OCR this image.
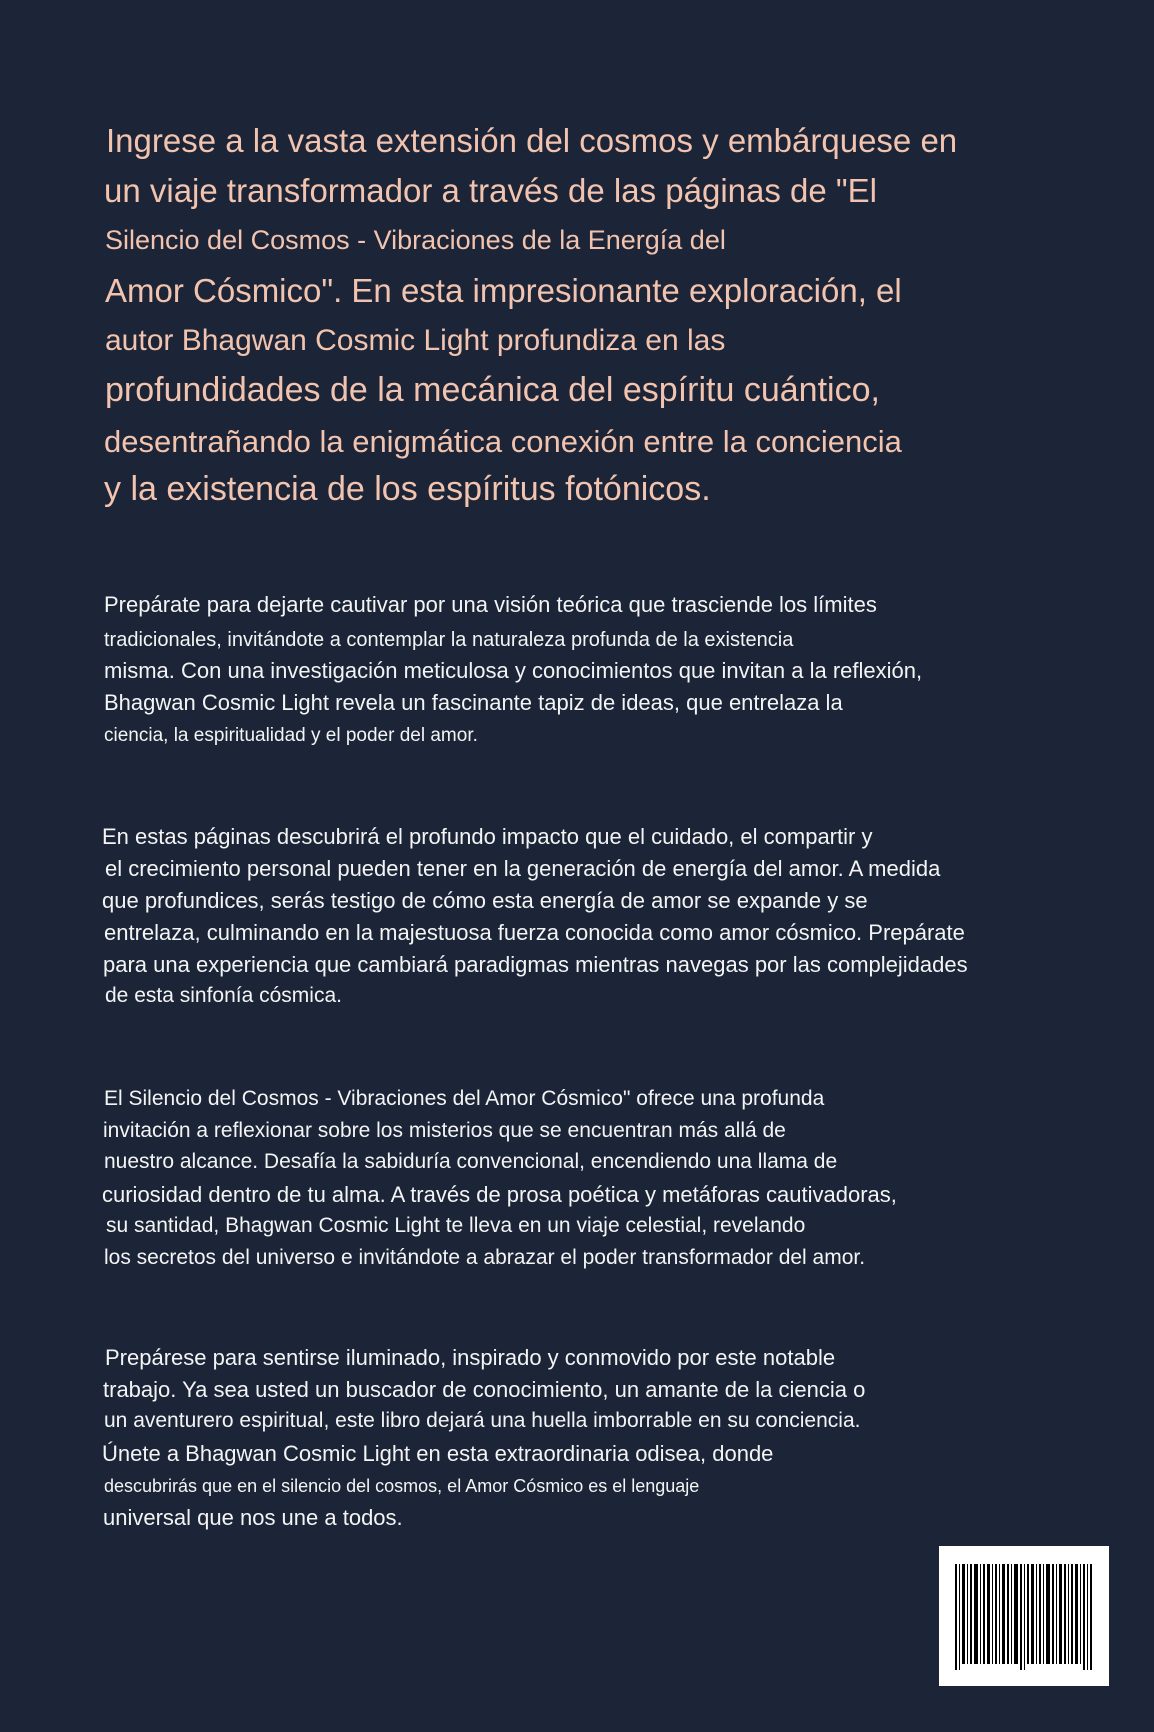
Ingrese a la vasta extensión del cosmos y embárquese en

un viaje transformador a través de las páginas de "El

Silencio del Cosmos - Vibraciones de la Energía del

Amor Cósmico". En esta impresionante exploración, el

autor Bhagwan Cosmic Light profundiza en las

profundidades de la mecánica del espíritu cuántico,

desentrañando la enigmática conexión entre la conciencia

y la existencia de los espíritus fotónicos.

Prepárate para dejarte cautivar por una visión teórica que trasciende los límites

tradicionales, invitándote a contemplar la naturaleza profunda de la existencia

misma. Con una investigación meticulosa y conocimientos que invitan a la reflexión,

Bhagwan Cosmic Light revela un fascinante tapiz de ideas, que entrelaza la

ciencia, la espiritualidad y el poder del amor.

En estas páginas descubrirá el profundo impacto que el cuidado, el compartir y

el crecimiento personal pueden tener en la generación de energía del amor. A medida

que profundices, serás testigo de cómo esta energía de amor se expande y se

entrelaza, culminando en la majestuosa fuerza conocida como amor cósmico. Prepárate

para una experiencia que cambiará paradigmas mientras navegas por las complejidades

de esta sinfonía cósmica.

El Silencio del Cosmos - Vibraciones del Amor Cósmico" ofrece una profunda

invitación a reflexionar sobre los misterios que se encuentran más allá de

nuestro alcance. Desafía la sabiduría convencional, encendiendo una llama de

curiosidad dentro de tu alma. A través de prosa poética y metáforas cautivadoras,

su santidad, Bhagwan Cosmic Light te lleva en un viaje celestial, revelando

los secretos del universo e invitándote a abrazar el poder transformador del amor.

Prepárese para sentirse iluminado, inspirado y conmovido por este notable

trabajo. Ya sea usted un buscador de conocimiento, un amante de la ciencia o

un aventurero espiritual, este libro dejará una huella imborrable en su conciencia.

Únete a Bhagwan Cosmic Light en esta extraordinaria odisea, donde

descubrirás que en el silencio del cosmos, el Amor Cósmico es el lenguaje

universal que nos une a todos.
